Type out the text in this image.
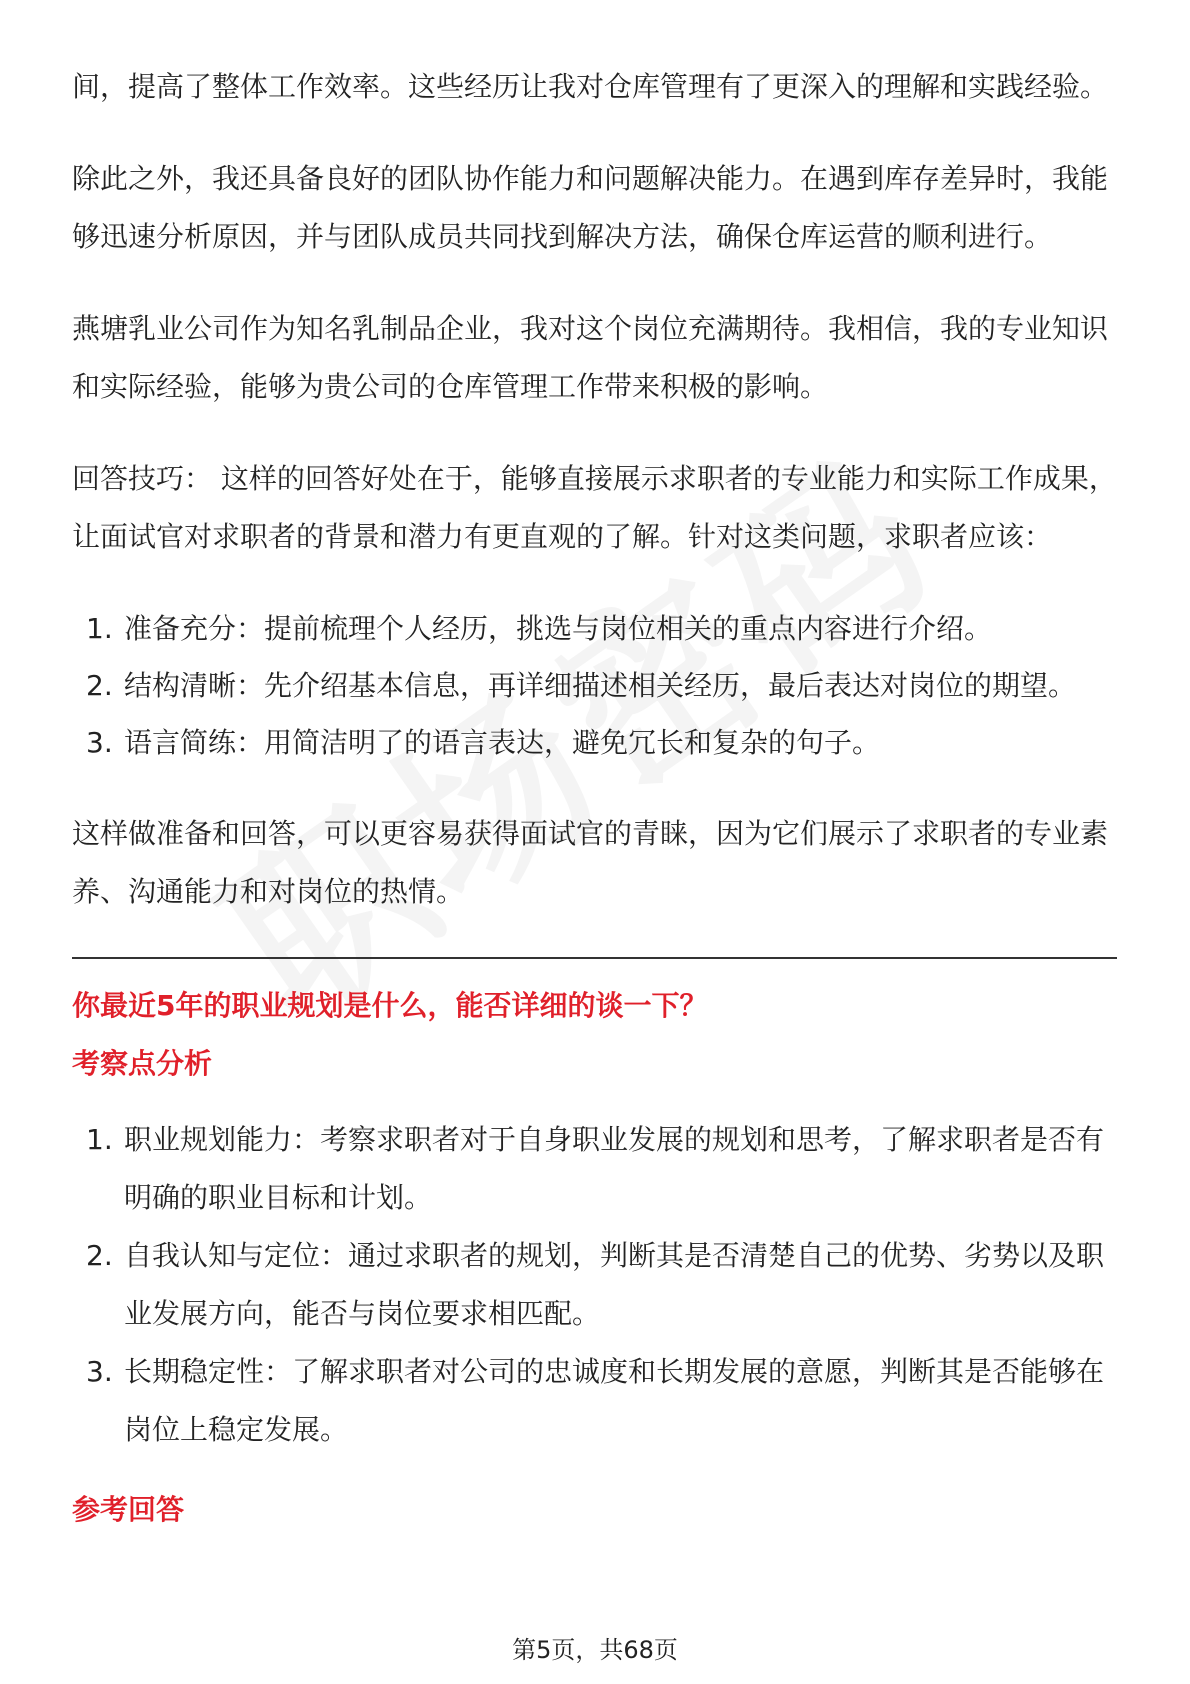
间，提高了整体工作效率。这些经历让我对仓库管理有了更深入的理解和实践经验。

除此之外，我还具备良好的团队协作能力和问题解决能力。在遇到库存差异时，我能够迅速分析原因，并与团队成员共同找到解决方法，确保仓库运营的顺利进行。

燕塘乳业公司作为知名乳制品企业，我对这个岗位充满期待。我相信，我的专业知识和实际经验，能够为贵公司的仓库管理工作带来积极的影响。

回答技巧： 这样的回答好处在于，能够直接展示求职者的专业能力和实际工作成果，让面试官对求职者的背景和潜力有更直观的了解。针对这类问题，求职者应该：

1. 准备充分：提前梳理个人经历，挑选与岗位相关的重点内容进行介绍。
2. 结构清晰：先介绍基本信息，再详细描述相关经历，最后表达对岗位的期望。
3. 语言简练：用简洁明了的语言表达，避免冗长和复杂的句子。

这样做准备和回答，可以更容易获得面试官的青睐，因为它们展示了求职者的专业素养、沟通能力和对岗位的热情。

你最近5年的职业规划是什么，能否详细的谈一下？

考察点分析

1. 职业规划能力：考察求职者对于自身职业发展的规划和思考，了解求职者是否有明确的职业目标和计划。
2. 自我认知与定位：通过求职者的规划，判断其是否清楚自己的优势、劣势以及职业发展方向，能否与岗位要求相匹配。
3. 长期稳定性：了解求职者对公司的忠诚度和长期发展的意愿，判断其是否能够在岗位上稳定发展。

参考回答

第5页，共68页
